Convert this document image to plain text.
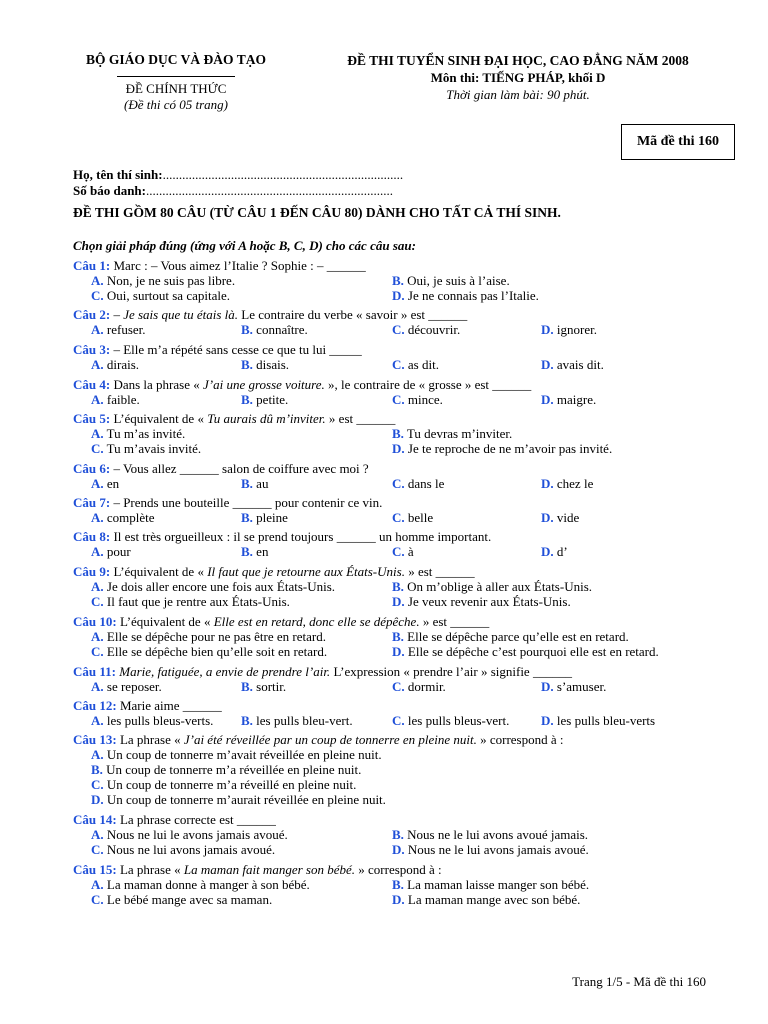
BỘ GIÁO DỤC VÀ ĐÀO TẠO
ĐỀ CHÍNH THỨC
(Đề thi có 05 trang)
ĐỀ THI TUYỂN SINH ĐẠI HỌC, CAO ĐẲNG NĂM 2008
Môn thi: TIẾNG PHÁP, khối D
Thời gian làm bài: 90 phút.
Mã đề thi 160
Họ, tên thí sinh:..........................................................................
Số báo danh:............................................................................
ĐỀ THI GỒM 80 CÂU (TỪ CÂU 1 ĐẾN CÂU 80) DÀNH CHO TẤT CẢ THÍ SINH.
Chọn giải pháp đúng (ứng với A hoặc B, C, D) cho các câu sau:
Câu 1: Marc : – Vous aimez l’Italie ? Sophie : – ______
A. Non, je ne suis pas libre.	B. Oui, je suis à l’aise.
C. Oui, surtout sa capitale.	D. Je ne connais pas l’Italie.
Câu 2: – Je sais que tu étais là. Le contraire du verbe « savoir » est ______
A. refuser.	B. connaître.	C. découvrir.	D. ignorer.
Câu 3: – Elle m’a répété sans cesse ce que tu lui _____
A. dirais.	B. disais.	C. as dit.	D. avais dit.
Câu 4: Dans la phrase « J’ai une grosse voiture. », le contraire de « grosse » est ______
A. faible.	B. petite.	C. mince.	D. maigre.
Câu 5: L’équivalent de « Tu aurais dû m’inviter. » est ______
A. Tu m’as invité.	B. Tu devras m’inviter.
C. Tu m’avais invité.	D. Je te reproche de ne m’avoir pas invité.
Câu 6: – Vous allez ______ salon de coiffure avec moi ?
A. en	B. au	C. dans le	D. chez le
Câu 7: – Prends une bouteille ______ pour contenir ce vin.
A. complète	B. pleine	C. belle	D. vide
Câu 8: Il est très orgueilleux : il se prend toujours ______ un homme important.
A. pour	B. en	C. à	D. d’
Câu 9: L’équivalent de « Il faut que je retourne aux États-Unis. » est ______
A. Je dois aller encore une fois aux États-Unis.	B. On m’oblige à aller aux États-Unis.
C. Il faut que je rentre aux États-Unis.	D. Je veux revenir aux États-Unis.
Câu 10: L’équivalent de « Elle est en retard, donc elle se dépêche. » est ______
A. Elle se dépêche pour ne pas être en retard.	B. Elle se dépêche parce qu’elle est en retard.
C. Elle se dépêche bien qu’elle soit en retard.	D. Elle se dépêche c’est pourquoi elle est en retard.
Câu 11: Marie, fatiguée, a envie de prendre l’air. L’expression « prendre l’air » signifie ______
A. se reposer.	B. sortir.	C. dormir.	D. s’amuser.
Câu 12: Marie aime ______
A. les pulls bleus-verts. B. les pulls bleu-vert.	C. les pulls bleus-vert. D. les pulls bleu-verts
Câu 13: La phrase « J’ai été réveillée par un coup de tonnerre en pleine nuit. » correspond à :
A. Un coup de tonnerre m’avait réveillée en pleine nuit.
B. Un coup de tonnerre m’a réveillée en pleine nuit.
C. Un coup de tonnerre m’a réveillé en pleine nuit.
D. Un coup de tonnerre m’aurait réveillée en pleine nuit.
Câu 14: La phrase correcte est ______
A. Nous ne lui le avons jamais avoué.	B. Nous ne le lui avons avoué jamais.
C. Nous ne lui avons jamais avoué.	D. Nous ne le lui avons jamais avoué.
Câu 15: La phrase « La maman fait manger son bébé. » correspond à :
A. La maman donne à manger à son bébé.	B. La maman laisse manger son bébé.
C. Le bébé mange avec sa maman.	D. La maman mange avec son bébé.
Trang 1/5 - Mã đề thi 160
